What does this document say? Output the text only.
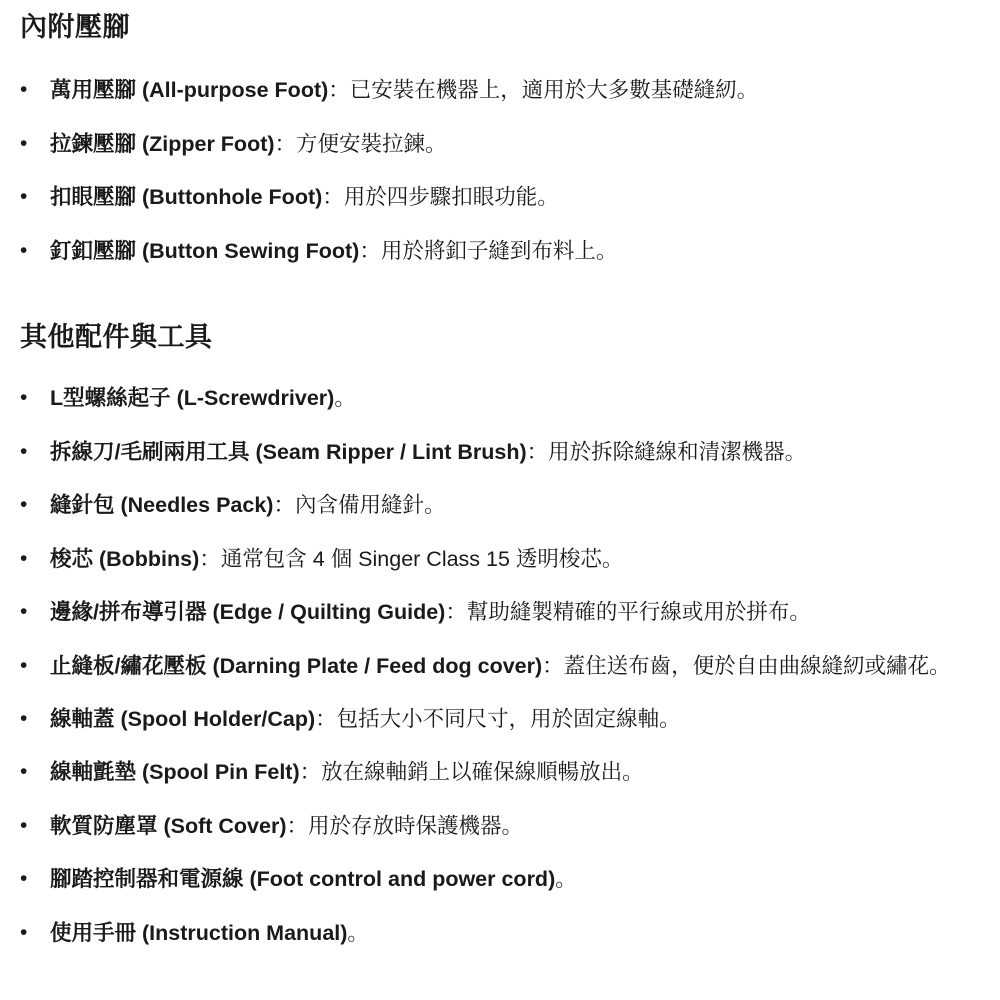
內附壓腳
•	萬用壓腳 (All-purpose Foot)：已安裝在機器上，適用於大多數基礎縫紉。
•	拉鍊壓腳 (Zipper Foot)：方便安裝拉鍊。
•	扣眼壓腳 (Buttonhole Foot)：用於四步驟扣眼功能。
•	釘釦壓腳 (Button Sewing Foot)：用於將釦子縫到布料上。
其他配件與工具
•	L型螺絲起子 (L-Screwdriver)。
•	拆線刀/毛刷兩用工具 (Seam Ripper / Lint Brush)：用於拆除縫線和清潔機器。
•	縫針包 (Needles Pack)：內含備用縫針。
•	梭芯 (Bobbins)：通常包含 4 個 Singer Class 15 透明梭芯。
•	邊緣/拼布導引器 (Edge / Quilting Guide)：幫助縫製精確的平行線或用於拼布。
•	止縫板/繡花壓板 (Darning Plate / Feed dog cover)：蓋住送布齒，便於自由曲線縫紉或繡花。
•	線軸蓋 (Spool Holder/Cap)：包括大小不同尺寸，用於固定線軸。
•	線軸氈墊 (Spool Pin Felt)：放在線軸銷上以確保線順暢放出。
•	軟質防塵罩 (Soft Cover)：用於存放時保護機器。
•	腳踏控制器和電源線 (Foot control and power cord)。
•	使用手冊 (Instruction Manual)。
